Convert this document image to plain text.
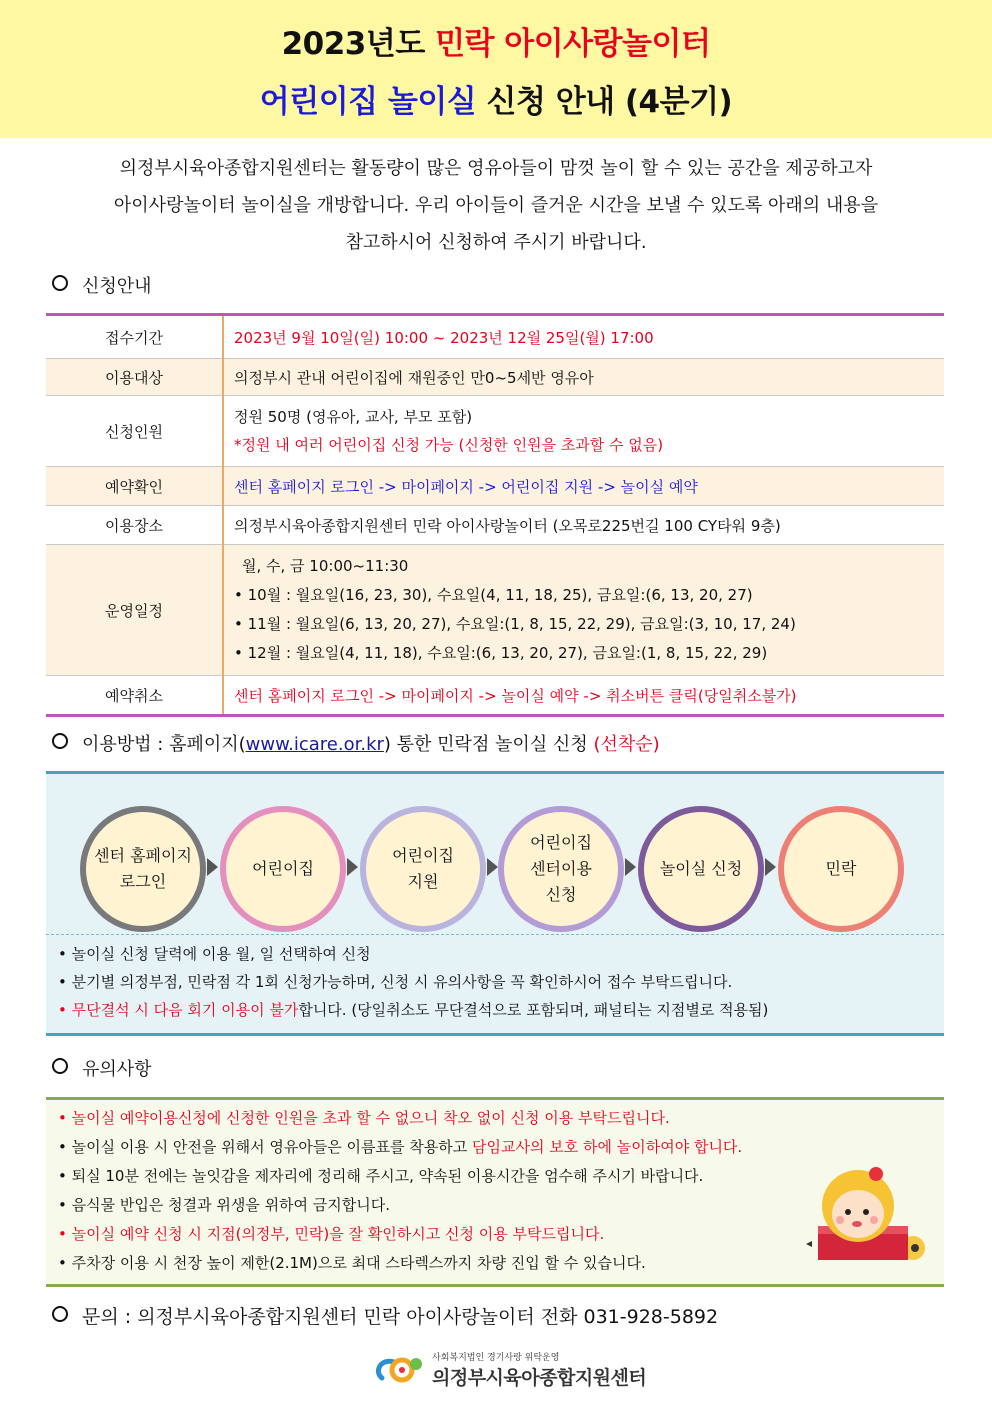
2023년도 민락 아이사랑놀이터
어린이집 놀이실 신청 안내 (4분기)
의정부시육아종합지원센터는 활동량이 많은 영유아들이 맘껏 놀이 할 수 있는 공간을 제공하고자
아이사랑놀이터 놀이실을 개방합니다. 우리 아이들이 즐거운 시간을 보낼 수 있도록 아래의 내용을
참고하시어 신청하여 주시기 바랍니다.
신청안내
접수기간	2023년 9월 10일(일) 10:00 ~ 2023년 12월 25일(월) 17:00
이용대상	의정부시 관내 어린이집에 재원중인 만0~5세반 영유아
신청인원	정원 50명 (영유아, 교사, 부모 포함)
*정원 내 여러 어린이집 신청 가능 (신청한 인원을 초과할 수 없음)

예약확인	센터 홈페이지 로그인 -> 마이페이지 -> 어린이집 지원 -> 놀이실 예약
이용장소	의정부시육아종합지원센터 민락 아이사랑놀이터 (오목로225번길 100 CY타워 9층)
운영일정	월, 수, 금 10:00~11:30
• 10월 : 월요일(16, 23, 30), 수요일(4, 11, 18, 25), 금요일:(6, 13, 20, 27)
• 11월 : 월요일(6, 13, 20, 27), 수요일:(1, 8, 15, 22, 29), 금요일:(3, 10, 17, 24)
• 12월 : 월요일(4, 11, 18), 수요일:(6, 13, 20, 27), 금요일:(1, 8, 15, 22, 29)

예약취소	센터 홈페이지 로그인 -> 마이페이지 -> 놀이실 예약 -> 취소버튼 클릭(당일취소불가)
이용방법 : 홈페이지(www.icare.or.kr) 통한 민락점 놀이실 신청 (선착순)
센터 홈페이지
로그인
어린이집
어린이집
지원
어린이집
센터이용
신청
놀이실 신청	민락
• 놀이실 신청 달력에 이용 월, 일 선택하여 신청
• 분기별 의정부점, 민락점 각 1회 신청가능하며, 신청 시 유의사항을 꼭 확인하시어 접수 부탁드립니다.
• 무단결석 시 다음 회기 이용이 불가합니다. (당일취소도 무단결석으로 포함되며, 패널티는 지점별로 적용됨)
유의사항
• 놀이실 예약이용신청에 신청한 인원을 초과 할 수 없으니 착오 없이 신청 이용 부탁드립니다.
• 놀이실 이용 시 안전을 위해서 영유아들은 이름표를 착용하고 담임교사의 보호 하에 놀이하여야 합니다.
• 퇴실 10분 전에는 놀잇감을 제자리에 정리해 주시고, 약속된 이용시간을 엄수해 주시기 바랍니다.
• 음식물 반입은 청결과 위생을 위하여 금지합니다.
• 놀이실 예약 신청 시 지점(의정부, 민락)을 잘 확인하시고 신청 이용 부탁드립니다.
• 주차장 이용 시 천장 높이 제한(2.1M)으로 최대 스타렉스까지 차량 진입 할 수 있습니다.
문의 : 의정부시육아종합지원센터 민락 아이사랑놀이터 전화 031-928-5892
사회복지법인 경기사랑 위탁운영
의정부시육아종합지원센터
